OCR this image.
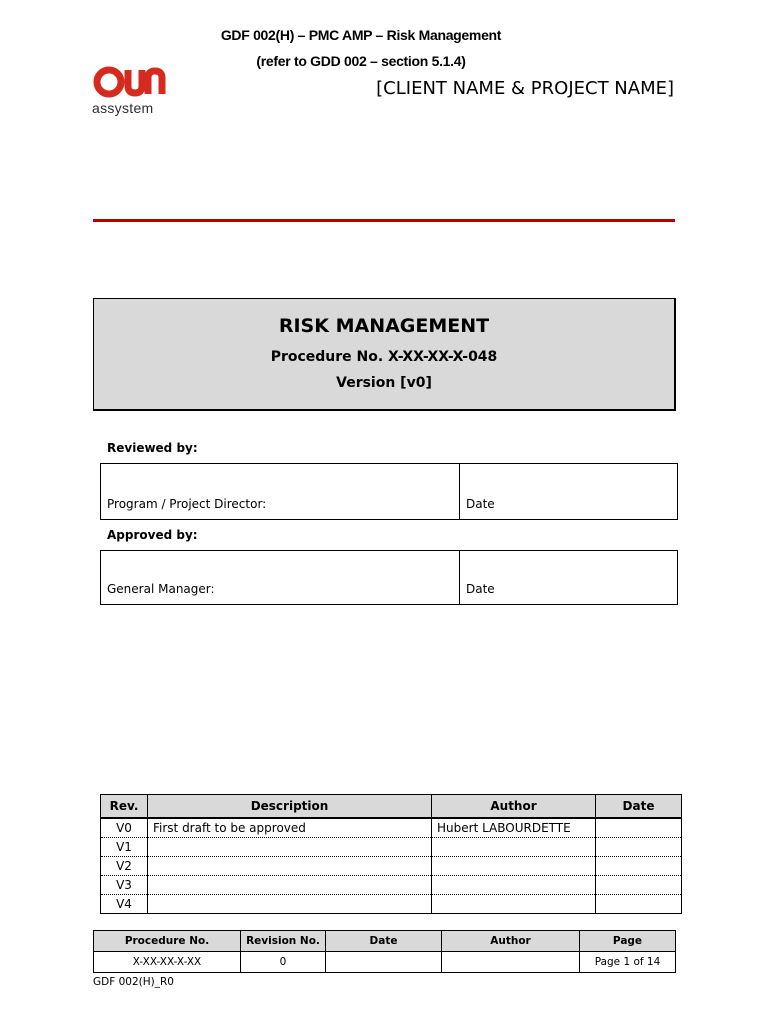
GDF 002(H) – PMC AMP – Risk Management
(refer to GDD 002 – section 5.1.4)
assystem
[CLIENT NAME & PROJECT NAME]
RISK MANAGEMENT
Procedure No. X-XX-XX-X-048
Version [v0]
Reviewed by:
Program / Project Director:	Date
Approved by:
General Manager:	Date
Rev.	Description	Author	Date
V0	First draft to be approved	Hubert LABOURDETTE	
V1			
V2			
V3			
V4			
Procedure No.	Revision No.	Date	Author	Page
X-XX-XX-X-XX	0			Page 1 of 14
GDF 002(H)_R0
